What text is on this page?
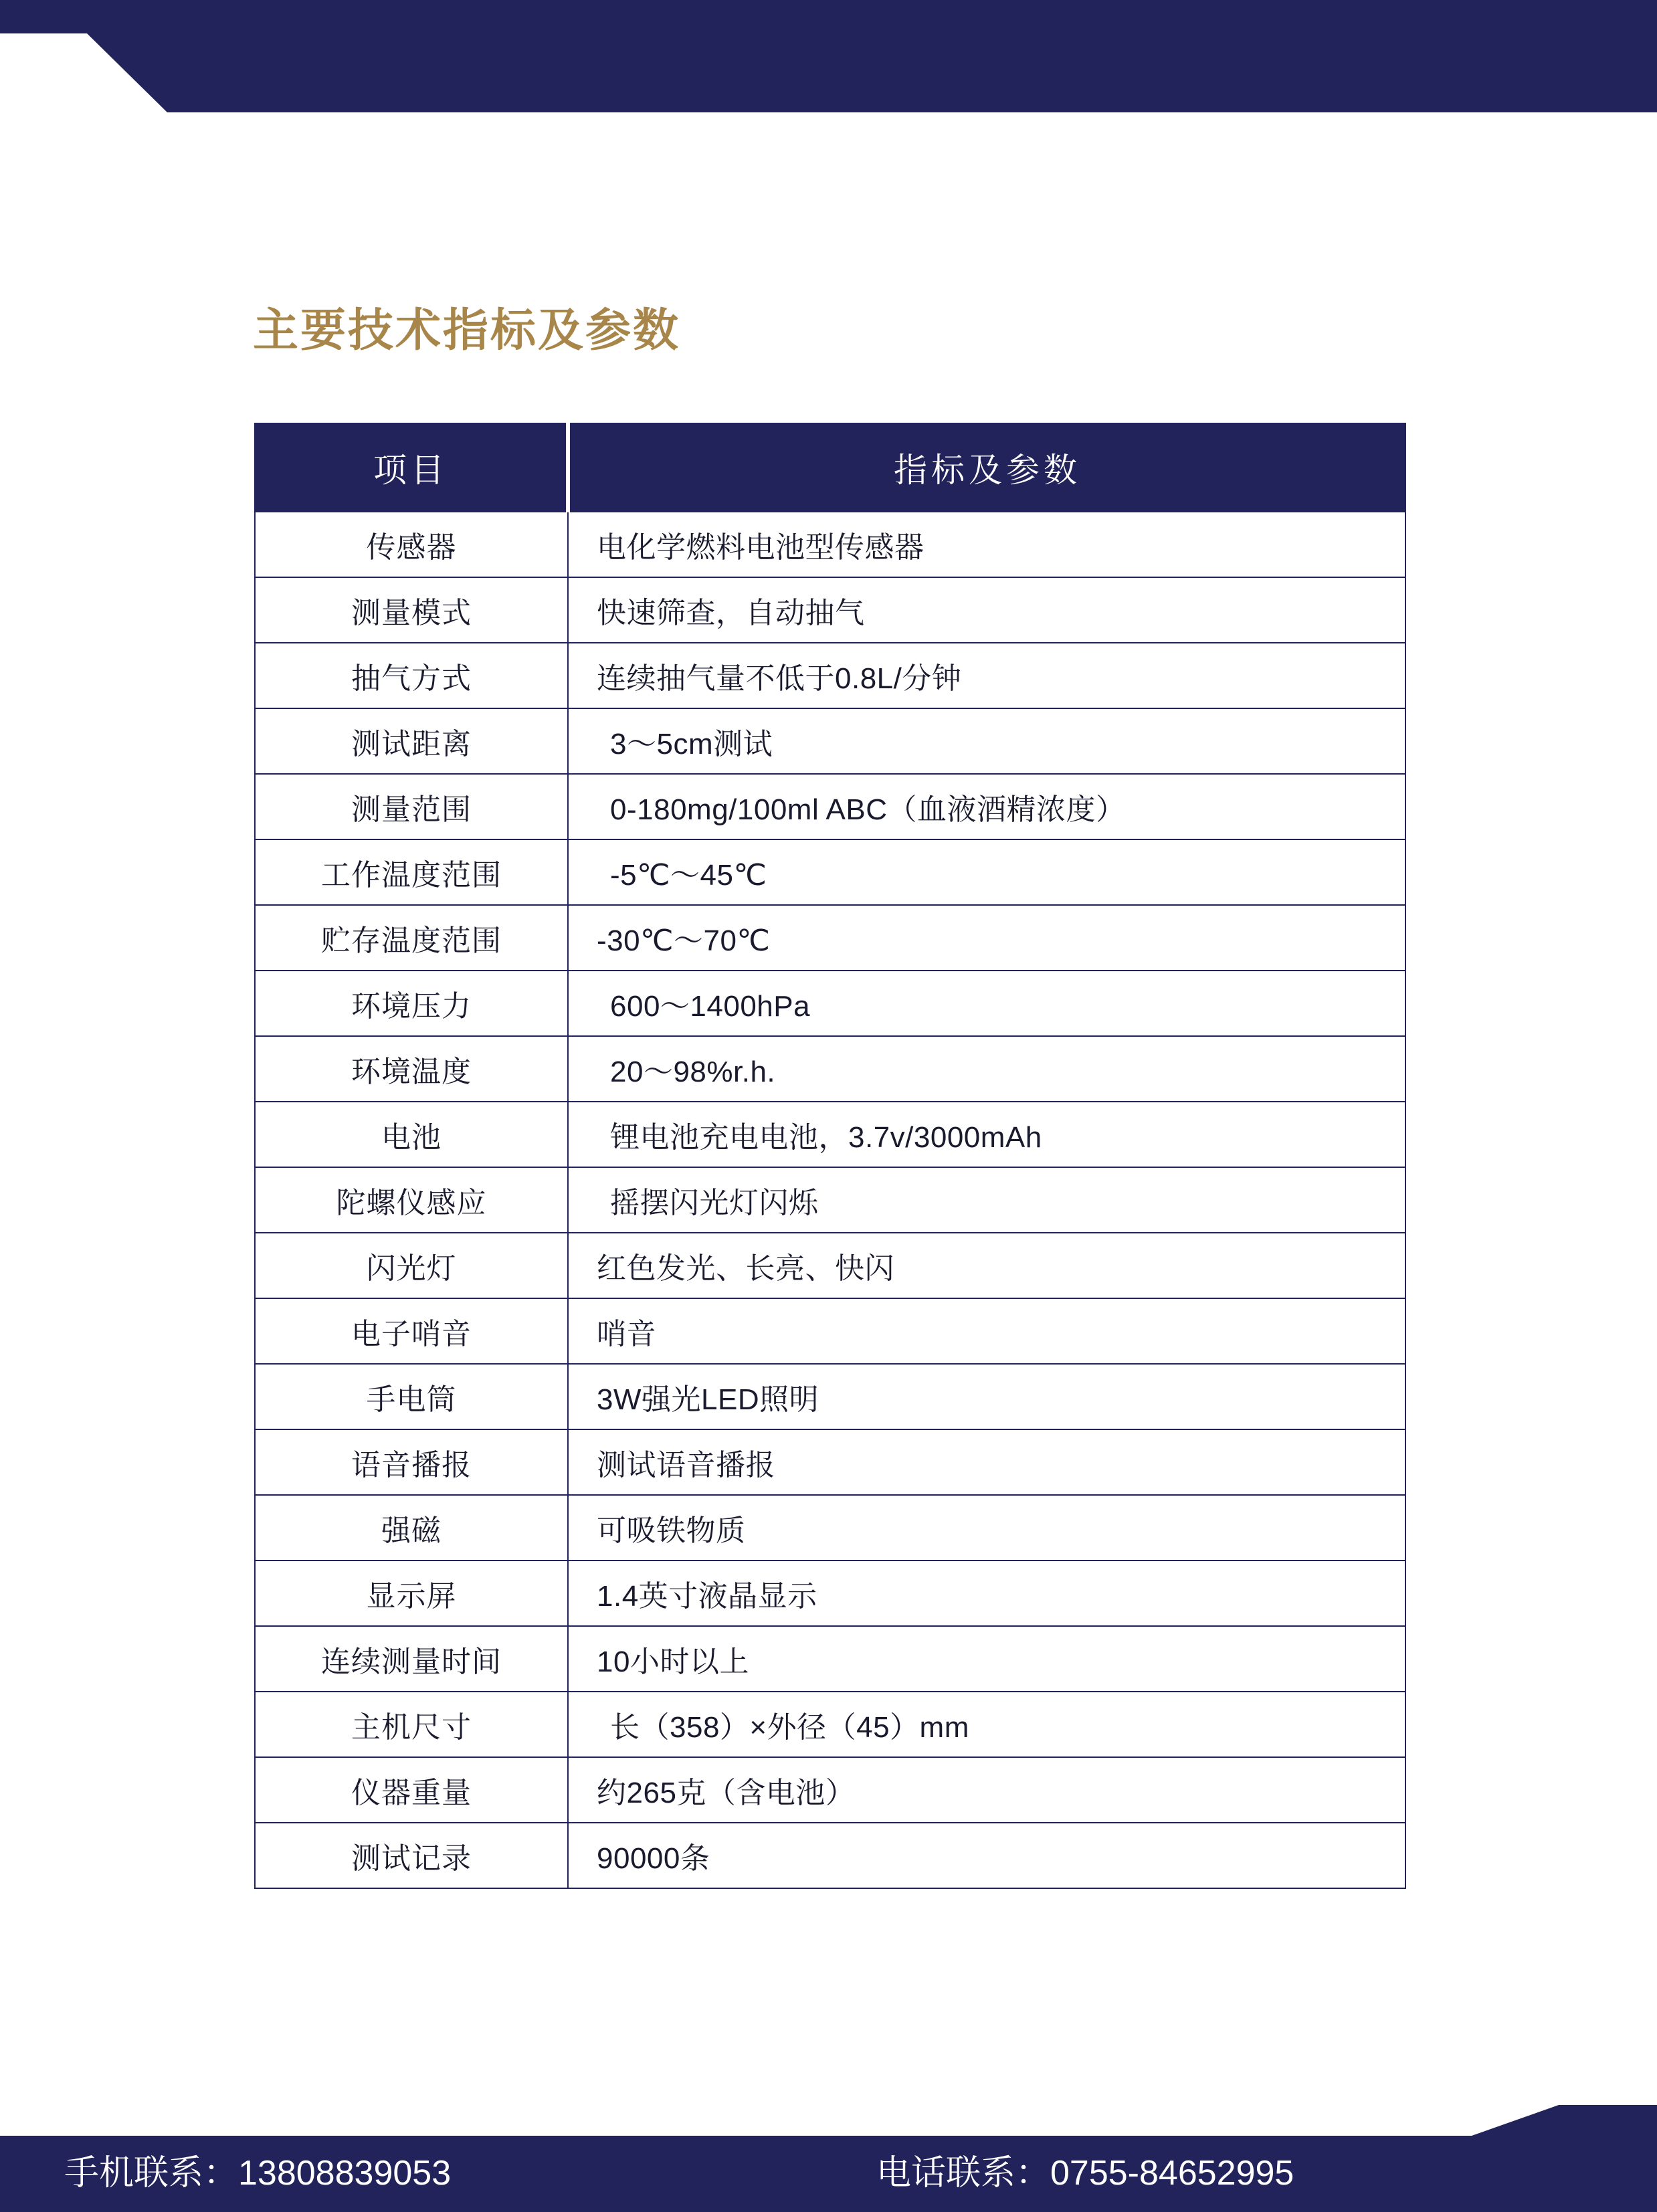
主要技术指标及参数
项目	指标及参数
传感器	电化学燃料电池型传感器
测量模式	快速筛查，自动抽气
抽气方式	连续抽气量不低于0.8L/分钟
测试距离	3～5cm测试
测量范围	0-180mg/100ml ABC（血液酒精浓度）
工作温度范围	-5℃～45℃
贮存温度范围	-30℃～70℃
环境压力	600～1400hPa
环境温度	20～98%r.h.
电池	锂电池充电电池，3.7v/3000mAh
陀螺仪感应	摇摆闪光灯闪烁
闪光灯	红色发光、长亮、快闪
电子哨音	哨音
手电筒	3W强光LED照明
语音播报	测试语音播报
强磁	可吸铁物质
显示屏	1.4英寸液晶显示
连续测量时间	10小时以上
主机尺寸	长（358）×外径（45）mm
仪器重量	约265克（含电池）
测试记录	90000条
手机联系：13808839053	电话联系：0755-84652995
